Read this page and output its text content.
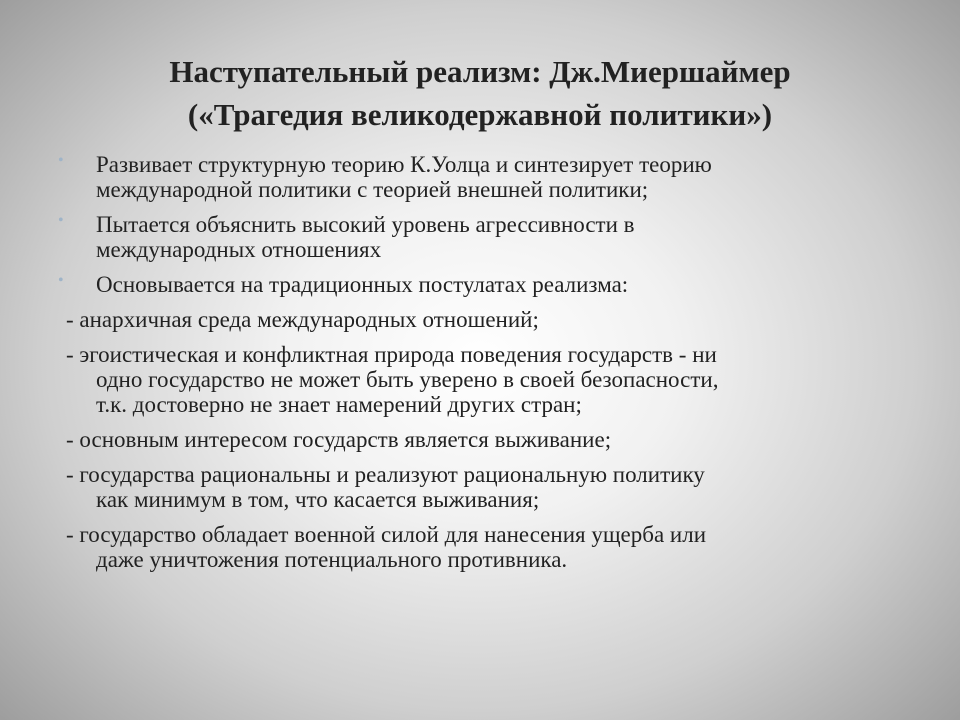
Наступательный реализм: Дж.Миершаймер
(«Трагедия великодержавной политики»)
• Развивает структурную теорию К.Уолца и синтезирует теорию
международной политики с теорией внешней политики;
• Пытается объяснить высокий уровень агрессивности в
международных отношениях
• Основывается на традиционных постулатах реализма:
- анархичная среда международных отношений;
- эгоистическая и конфликтная природа поведения государств - ни
одно государство не может быть уверено в своей безопасности,
т.к. достоверно не знает намерений других стран;
- основным интересом государств является выживание;
- государства рациональны и реализуют рациональную политику
как минимум в том, что касается выживания;
- государство обладает военной силой для нанесения ущерба или
даже уничтожения потенциального противника.
